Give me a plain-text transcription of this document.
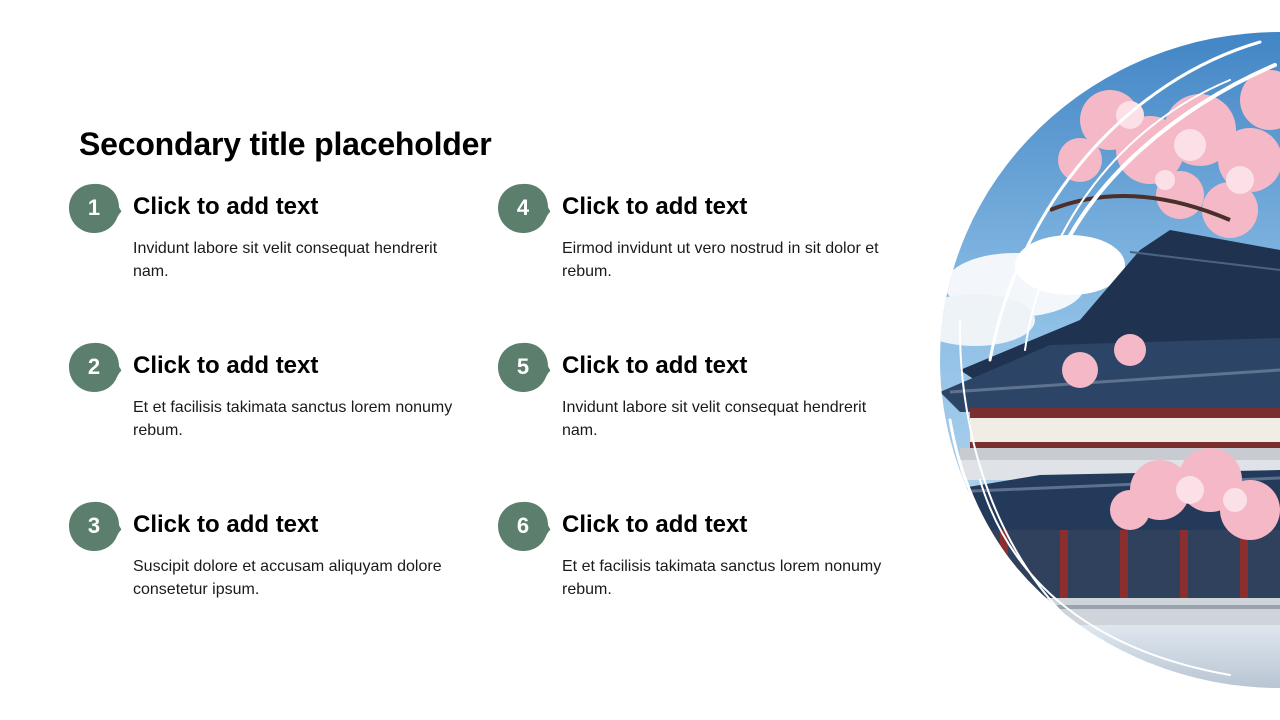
Secondary title placeholder
1	Click to add text
Invidunt labore sit velit consequat hendrerit nam.
2	Click to add text
Et et facilisis takimata sanctus lorem nonumy rebum.
3	Click to add text
Suscipit dolore et accusam aliquyam dolore consetetur ipsum.
4	Click to add text
Eirmod invidunt ut vero nostrud in sit dolor et rebum.
5	Click to add text
Invidunt labore sit velit consequat hendrerit nam.
6	Click to add text
Et et facilisis takimata sanctus lorem nonumy rebum.
